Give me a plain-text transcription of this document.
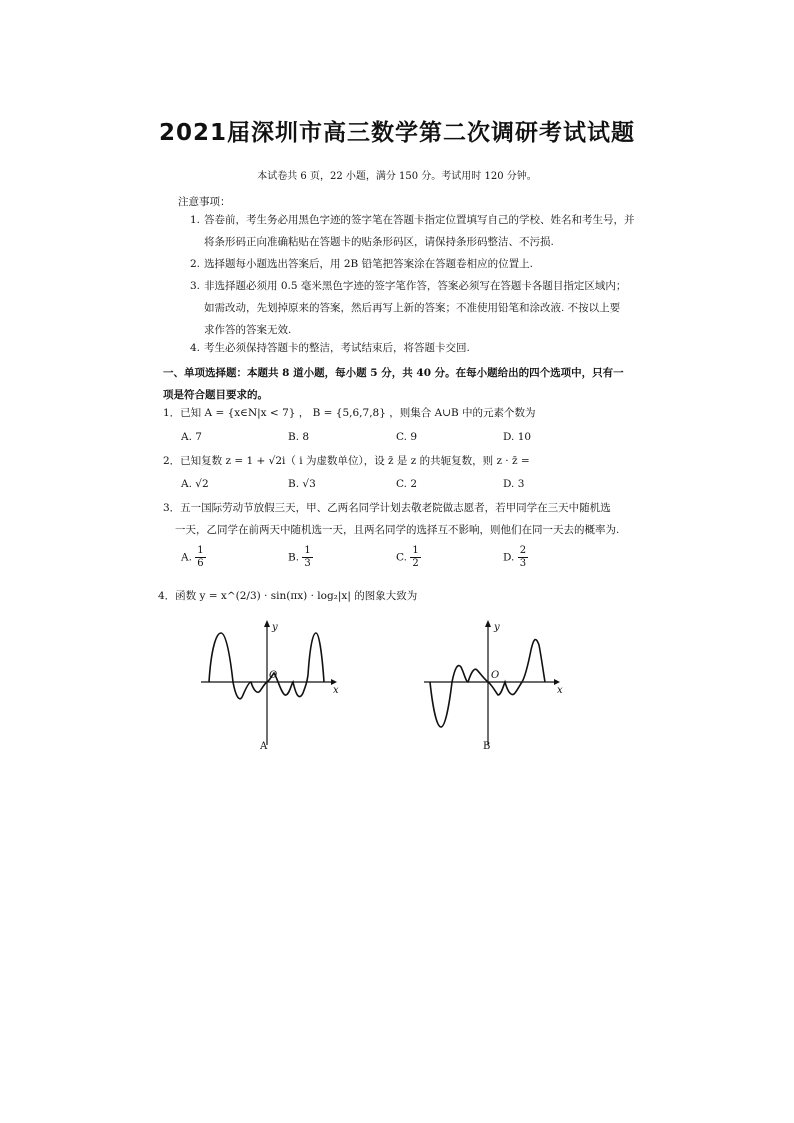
2021届深圳市高三数学第二次调研考试试题
本试卷共 6 页，22 小题，满分 150 分。考试用时 120 分钟。
注意事项：
1. 答卷前，考生务必用黑色字迹的签字笔在答题卡指定位置填写自己的学校、姓名和考生号，并
将条形码正向准确粘贴在答题卡的贴条形码区，请保持条形码整洁、不污损.
2. 选择题每小题选出答案后，用 2B 铅笔把答案涂在答题卷相应的位置上.
3. 非选择题必须用 0.5 毫米黑色字迹的签字笔作答，答案必须写在答题卡各题目指定区域内；
如需改动，先划掉原来的答案，然后再写上新的答案；不准使用铅笔和涂改液. 不按以上要
求作答的答案无效.
4. 考生必须保持答题卡的整洁，考试结束后，将答题卡交回.
一、单项选择题：本题共 8 道小题，每小题 5 分，共 40 分。在每小题给出的四个选项中，只有一
项是符合题目要求的。
1．已知 A = {x∈N|x < 7} ， B = {5,6,7,8} ，则集合 A∪B 中的元素个数为
A. 7	B. 8	C. 9	D. 10
2．已知复数 z = 1 + √2i（ i 为虚数单位），设 z̄ 是 z 的共轭复数，则 z · z̄ =
A. √2	B. √3	C. 2	D. 3
3．五一国际劳动节放假三天，甲、乙两名同学计划去敬老院做志愿者，若甲同学在三天中随机选
一天，乙同学在前两天中随机选一天，且两名同学的选择互不影响，则他们在同一天去的概率为.
A. $\frac{1}{6}$	B. $\frac{1}{3}$	C. $\frac{1}{2}$	D. $\frac{2}{3}$
4．函数 y = x^(2/3) · sin(πx) · log₂|x| 的图象大致为
y
x
O
A
y
x
O
B
